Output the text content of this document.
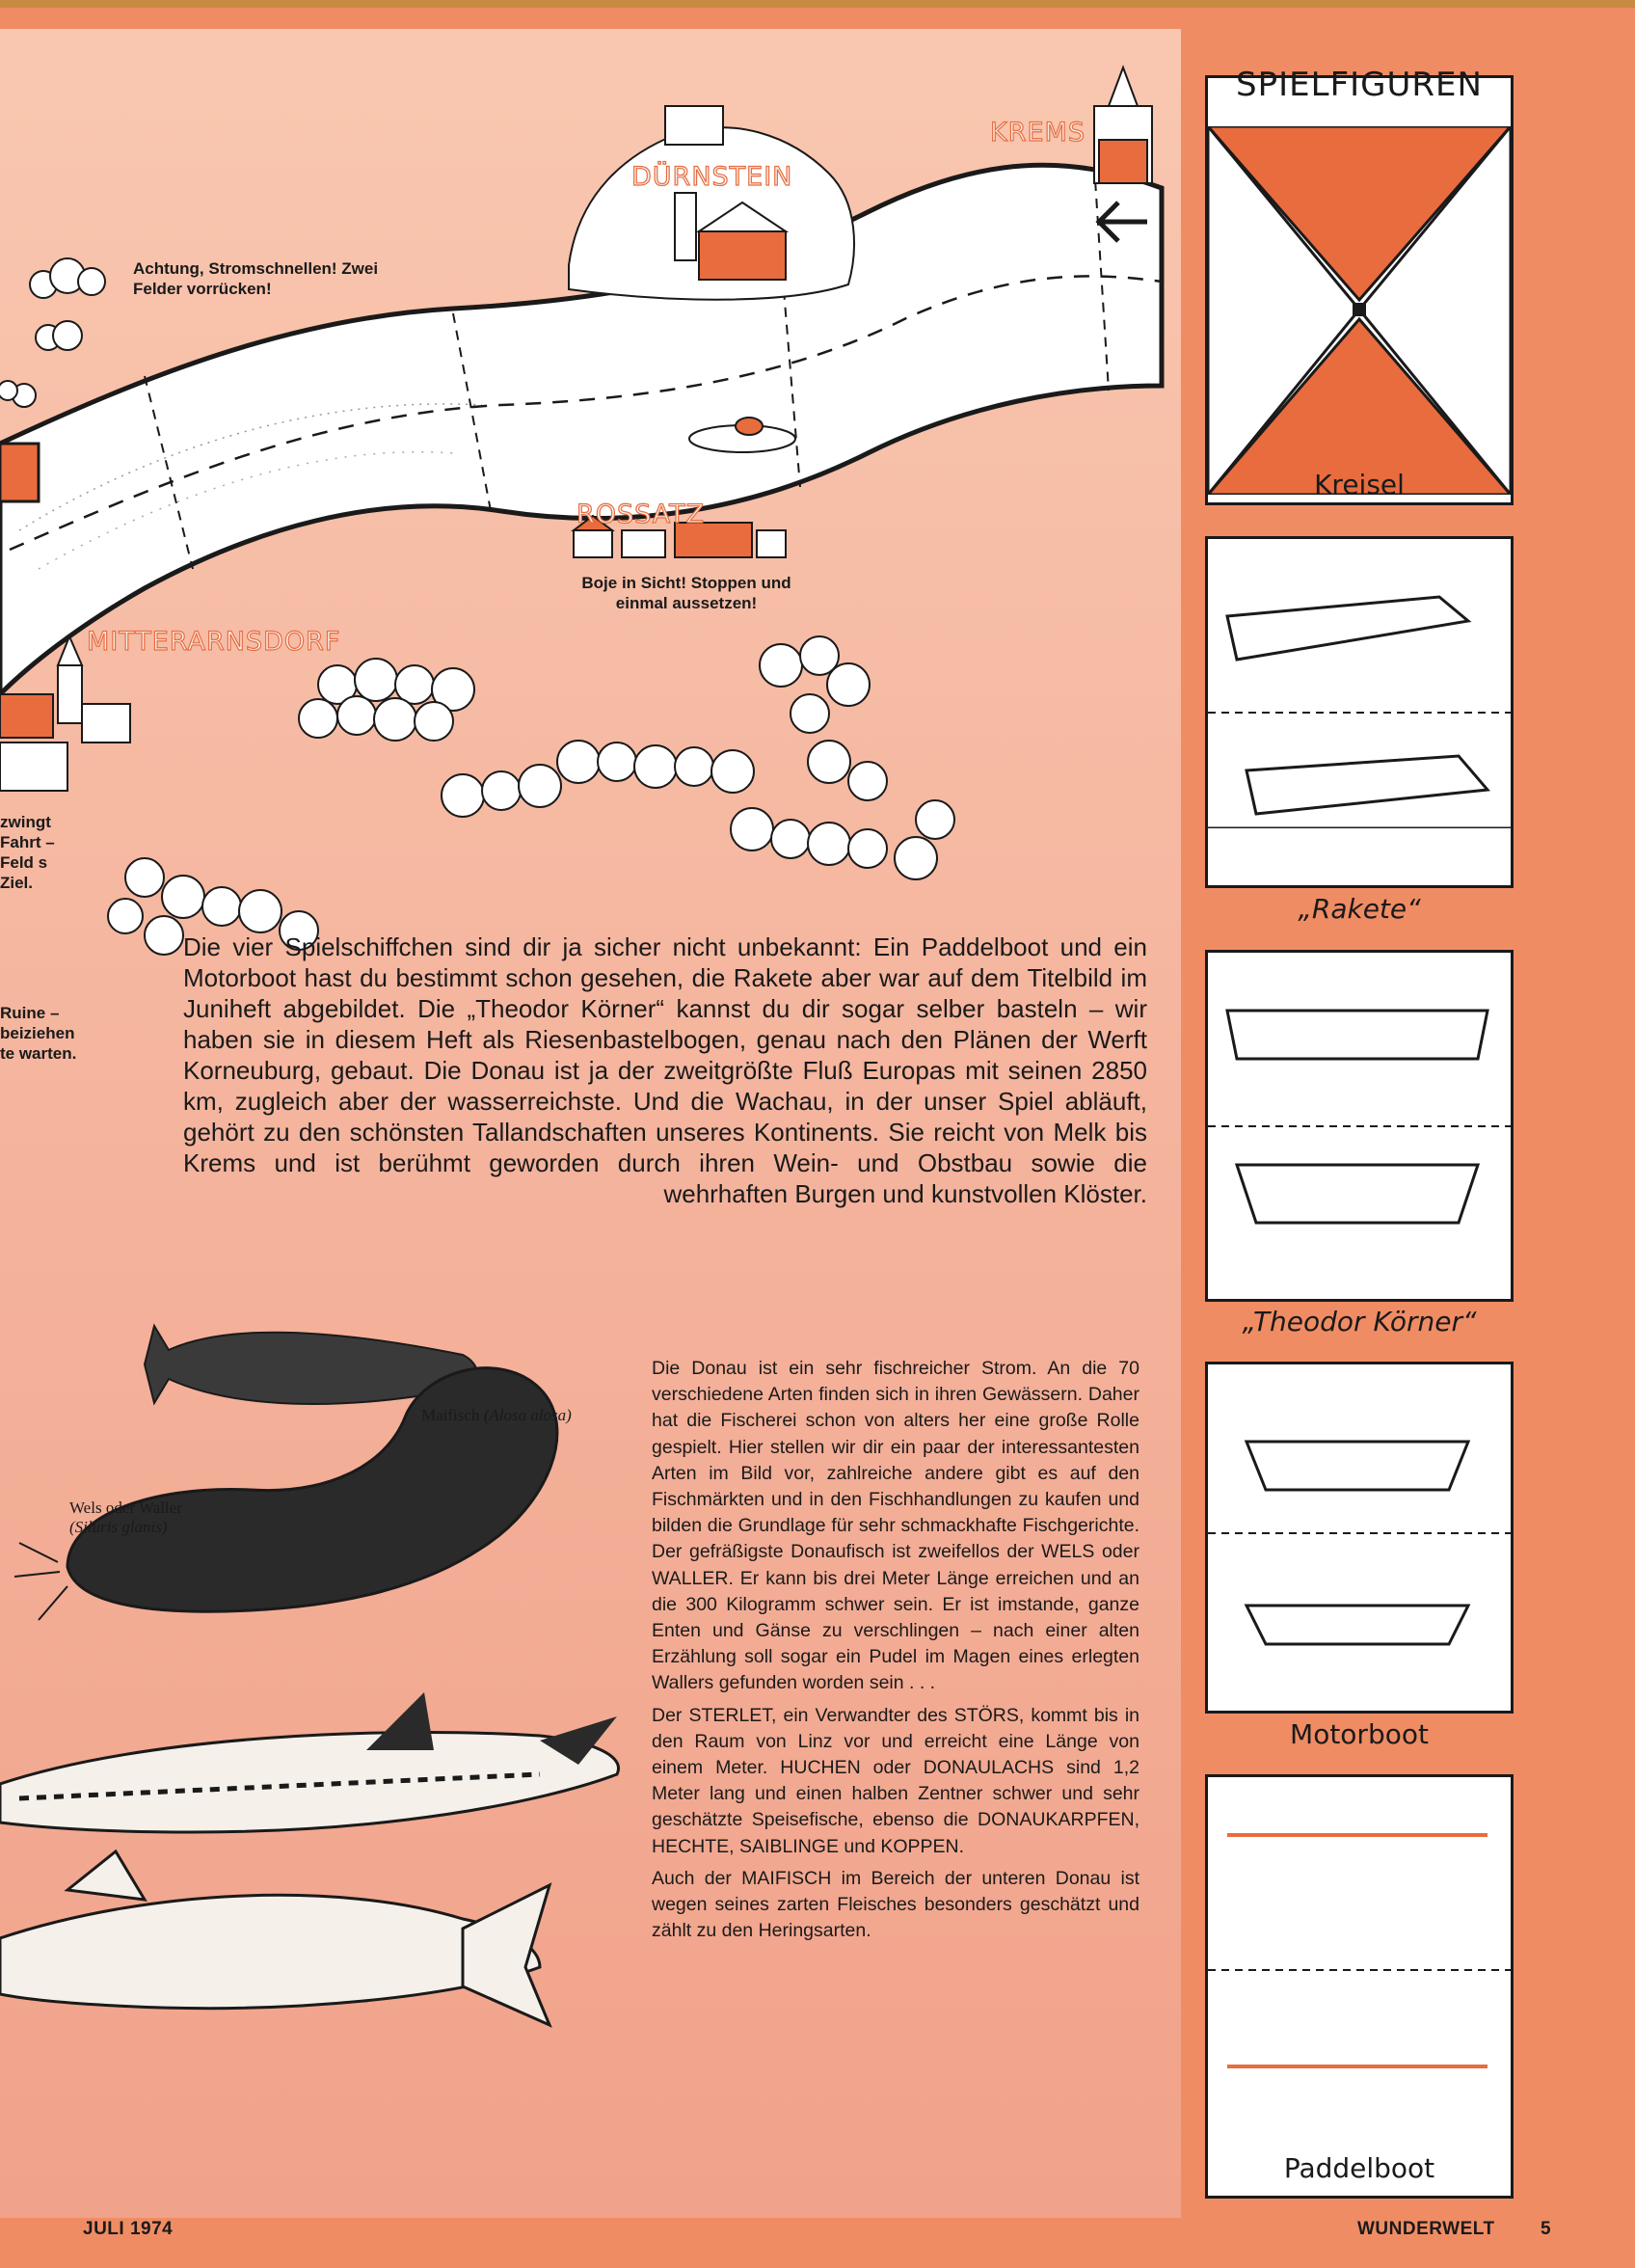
KREMS
DÜRNSTEIN
ROSSATZ
MITTERARNSDORF
Achtung, Stromschnellen! Zwei Felder vorrücken!
Boje in Sicht! Stoppen und einmal aussetzen!
zwingt Fahrt – Feld s Ziel.
Ruine – beiziehen te warten.

Die vier Spielschiffchen sind dir ja sicher nicht unbekannt: Ein Paddelboot und ein Motorboot hast du bestimmt schon gesehen, die Rakete aber war auf dem Titelbild im Juniheft abgebildet. Die „Theodor Körner“ kannst du dir sogar selber basteln – wir haben sie in diesem Heft als Riesenbastelbogen, genau nach den Plänen der Werft Korneuburg, gebaut. Die Donau ist ja der zweitgrößte Fluß Europas mit seinen 2850 km, zugleich aber der wasserreichste. Und die Wachau, in der unser Spiel abläuft, gehört zu den schönsten Tallandschaften unseres Kontinents. Sie reicht von Melk bis Krems und ist berühmt geworden durch ihren Wein- und Obstbau sowie die wehrhaften Burgen und kunstvollen Klöster.

Maifisch (Alosa alosa)
Wels oder Waller
(Siluris glanis)

Die Donau ist ein sehr fischreicher Strom. An die 70 verschiedene Arten finden sich in ihren Gewässern. Daher hat die Fischerei schon von alters her eine große Rolle gespielt. Hier stellen wir dir ein paar der interessantesten Arten im Bild vor, zahlreiche andere gibt es auf den Fischmärkten und in den Fischhandlungen zu kaufen und bilden die Grundlage für sehr schmackhafte Fischgerichte. Der gefräßigste Donaufisch ist zweifellos der WELS oder WALLER. Er kann bis drei Meter Länge erreichen und an die 300 Kilogramm schwer sein. Er ist imstande, ganze Enten und Gänse zu verschlingen – nach einer alten Erzählung soll sogar ein Pudel im Magen eines erlegten Wallers gefunden worden sein . . .

Der STERLET, ein Verwandter des STÖRS, kommt bis in den Raum von Linz vor und erreicht eine Länge von einem Meter. HUCHEN oder DONAULACHS sind 1,2 Meter lang und einen halben Zentner schwer und sehr geschätzte Speisefische, ebenso die DONAUKARPFEN, HECHTE, SAIBLINGE und KOPPEN.

Auch der MAIFISCH im Bereich der unteren Donau ist wegen seines zarten Fleisches besonders geschätzt und zählt zu den Heringsarten.

SPIELFIGUREN
Kreisel
„Rakete“
„Theodor Körner“
Motorboot
Paddelboot
JULI 1974	WUNDERWELT 5
